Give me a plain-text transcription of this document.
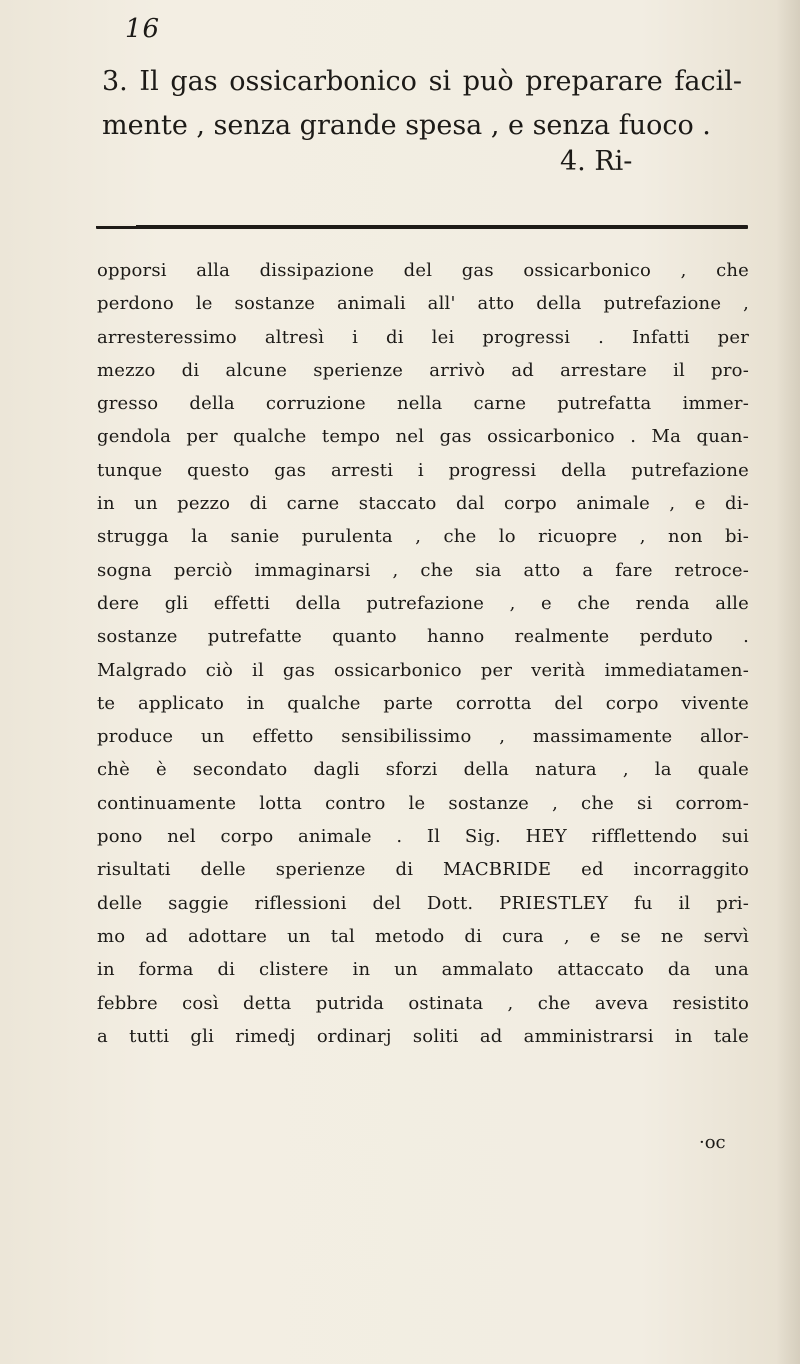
16

3. Il gas ossicarbonico si può preparare facil-

mente , senza grande spesa , e senza fuoco .

4. Ri-
opporsi alla dissipazione del gas ossicarbonico , che
perdono le sostanze animali all' atto della putrefazione ,
arresteressimo altresì i di lei progressi . Infatti per
mezzo di alcune sperienze arrivò ad arrestare il pro-
gresso della corruzione nella carne putrefatta immer-
gendola per qualche tempo nel gas ossicarbonico . Ma quan-
tunque questo gas arresti i progressi della putrefazione
in un pezzo di carne staccato dal corpo animale , e di-
strugga la sanie purulenta , che lo ricuopre , non bi-
sogna perciò immaginarsi , che sia atto a fare retroce-
dere gli effetti della putrefazione , e che renda alle
sostanze putrefatte quanto hanno realmente perduto .
Malgrado ciò il gas ossicarbonico per verità immediatamen-
te applicato in qualche parte corrotta del corpo vivente
produce un effetto sensibilissimo , massimamente allor-
chè è secondato dagli sforzi della natura , la quale
continuamente lotta contro le sostanze , che si corrom-
pono nel corpo animale . Il Sig. HEY rifflettendo sui
risultati delle sperienze di MACBRIDE ed incorraggito
delle saggie riflessioni del Dott. PRIESTLEY fu il pri-
mo ad adottare un tal metodo di cura , e se ne servì
in forma di clistere in un ammalato attaccato da una
febbre così detta putrida ostinata , che aveva resistito
a tutti gli rimedj ordinarj soliti ad amministrarsi in tale
·oc
